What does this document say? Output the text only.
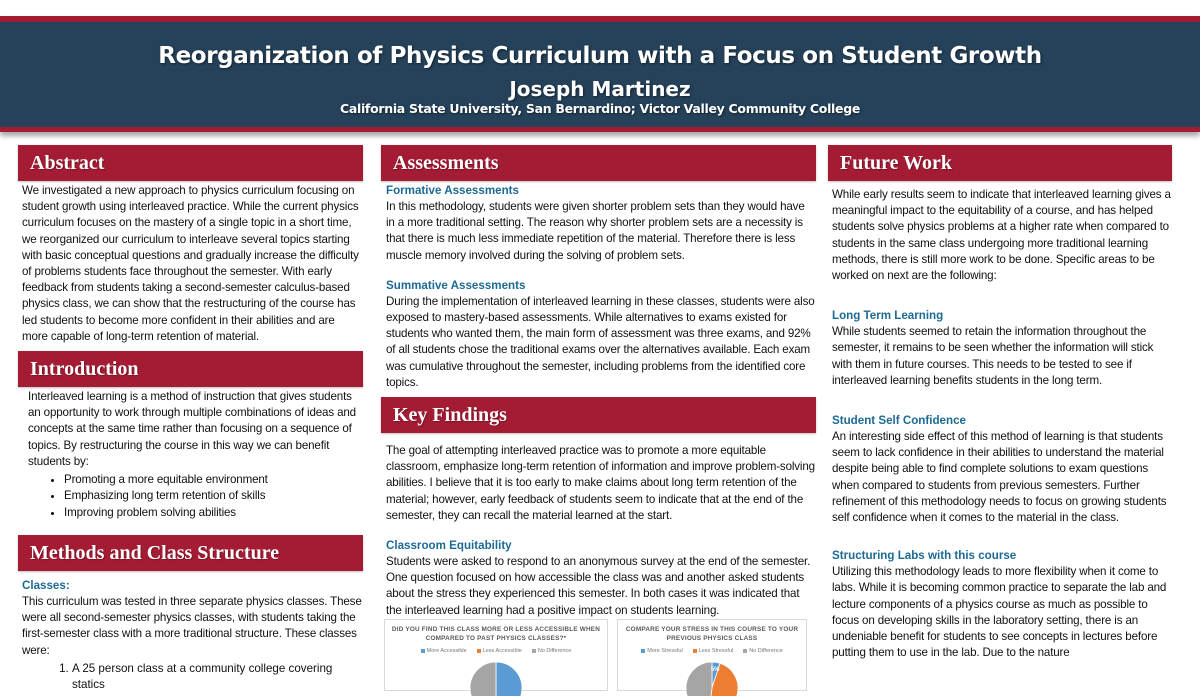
Reorganization of Physics Curriculum with a Focus on Student Growth
Joseph Martinez
California State University, San Bernardino; Victor Valley Community College
Abstract

We investigated a new approach to physics curriculum focusing on student growth using interleaved practice. While the current physics curriculum focuses on the mastery of a single topic in a short time, we reorganized our curriculum to interleave several topics starting with basic conceptual questions and gradually increase the difficulty of problems students face throughout the semester. With early feedback from students taking a second-semester calculus-based physics class, we can show that the restructuring of the course has led students to become more confident in their abilities and are more capable of long-term retention of material.

Introduction

Interleaved learning is a method of instruction that gives students an opportunity to work through multiple combinations of ideas and concepts at the same time rather than focusing on a sequence of topics. By restructuring the course in this way we can benefit students by:

• Promoting a more equitable environment
• Emphasizing long term retention of skills
• Improving problem solving abilities
Methods and Class Structure
Classes:

This curriculum was tested in three separate physics classes. These were all second-semester physics classes, with students taking the first-semester class with a more traditional structure. These classes were:

1. A 25 person class at a community college covering statics
Assessments
Formative Assessments

In this methodology, students were given shorter problem sets than they would have in a more traditional setting. The reason why shorter problem sets are a necessity is that there is much less immediate repetition of the material. Therefore there is less muscle memory involved during the solving of problem sets.

Summative Assessments

During the implementation of interleaved learning in these classes, students were also exposed to mastery-based assessments. While alternatives to exams existed for students who wanted them, the main form of assessment was three exams, and 92% of all students chose the traditional exams over the alternatives available. Each exam was cumulative throughout the semester, including problems from the identified core topics.

Key Findings

The goal of attempting interleaved practice was to promote a more equitable classroom, emphasize long-term retention of information and improve problem-solving abilities. I believe that it is too early to make claims about long term retention of the material; however, early feedback of students seem to indicate that at the end of the semester, they can recall the material learned at the start.

Classroom Equitability

Students were asked to respond to an anonymous survey at the end of the semester. One question focused on how accessible the class was and another asked students about the stress they experienced this semester. In both cases it was indicated that the interleaved learning had a positive impact on students learning.

DID YOU FIND THIS CLASS MORE OR LESS ACCESSIBLE WHEN COMPARED TO PAST PHYSICS CLASSES?*
More Accessible	Less Accessible	No Difference
COMPARE YOUR STRESS IN THIS COURSE TO YOUR PREVIOUS PHYSICS CLASS
More Stressful	Less Stressful	No Difference
5%
Future Work

While early results seem to indicate that interleaved learning gives a meaningful impact to the equitability of a course, and has helped students solve physics problems at a higher rate when compared to students in the same class undergoing more traditional learning methods, there is still more work to be done. Specific areas to be worked on next are the following:

Long Term Learning

While students seemed to retain the information throughout the semester, it remains to be seen whether the information will stick with them in future courses. This needs to be tested to see if interleaved learning benefits students in the long term.

Student Self Confidence

An interesting side effect of this method of learning is that students seem to lack confidence in their abilities to understand the material despite being able to find complete solutions to exam questions when compared to students from previous semesters. Further refinement of this methodology needs to focus on growing students self confidence when it comes to the material in the class.

Structuring Labs with this course

Utilizing this methodology leads to more flexibility when it come to labs. While it is becoming common practice to separate the lab and lecture components of a physics course as much as possible to focus on developing skills in the laboratory setting, there is an undeniable benefit for students to see concepts in lectures before putting them to use in the lab. Due to the nature
